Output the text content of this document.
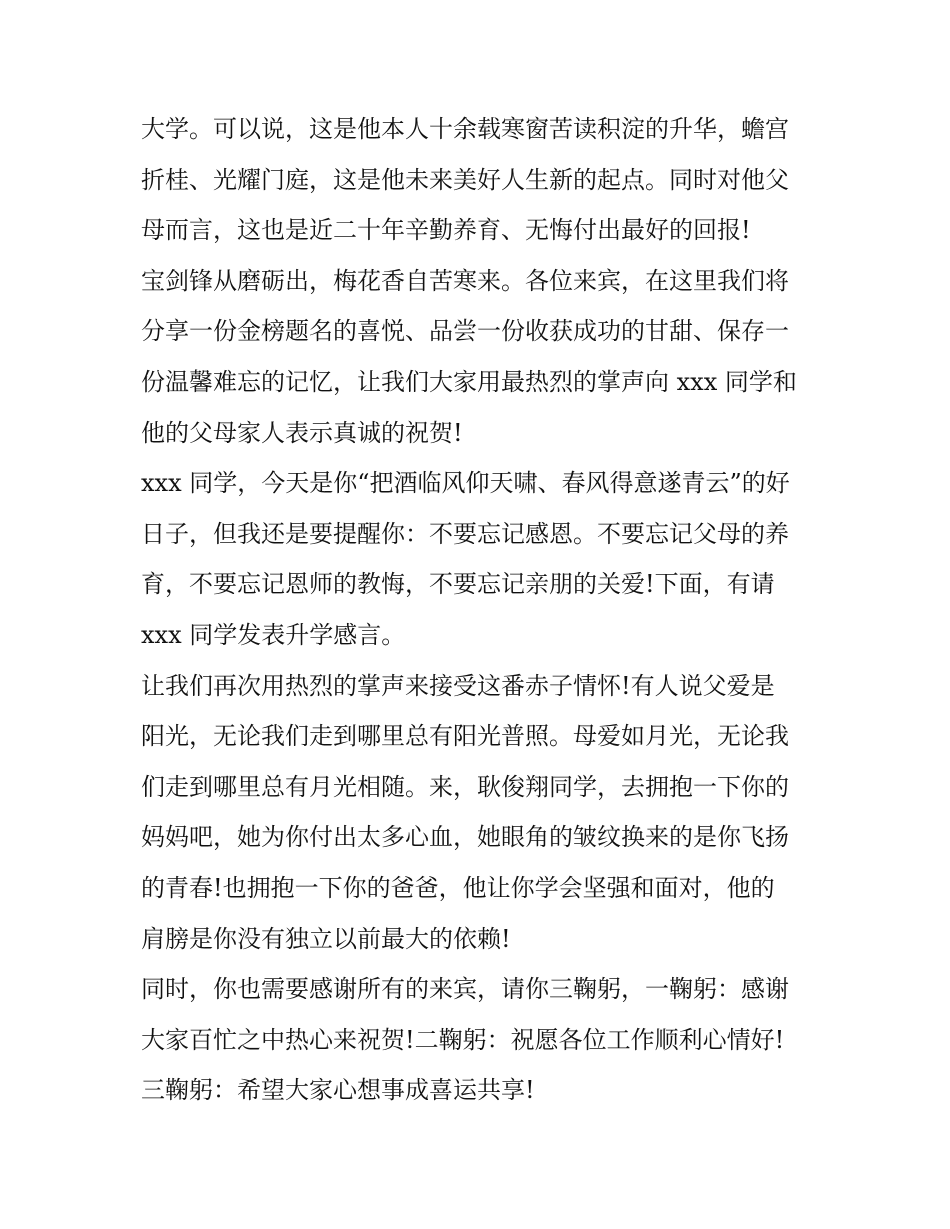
大学。可以说，这是他本人十余载寒窗苦读积淀的升华，蟾宫
折桂、光耀门庭，这是他未来美好人生新的起点。同时对他父
母而言，这也是近二十年辛勤养育、无悔付出最好的回报!
宝剑锋从磨砺出，梅花香自苦寒来。各位来宾，在这里我们将
分享一份金榜题名的喜悦、品尝一份收获成功的甘甜、保存一
份温馨难忘的记忆，让我们大家用最热烈的掌声向 xxx 同学和
他的父母家人表示真诚的祝贺!
xxx 同学，今天是你“把酒临风仰天啸、春风得意遂青云”的好
日子，但我还是要提醒你：不要忘记感恩。不要忘记父母的养
育，不要忘记恩师的教悔，不要忘记亲朋的关爱!下面，有请
xxx 同学发表升学感言。
让我们再次用热烈的掌声来接受这番赤子情怀!有人说父爱是
阳光，无论我们走到哪里总有阳光普照。母爱如月光，无论我
们走到哪里总有月光相随。来，耿俊翔同学，去拥抱一下你的
妈妈吧，她为你付出太多心血，她眼角的皱纹换来的是你飞扬
的青春!也拥抱一下你的爸爸，他让你学会坚强和面对，他的
肩膀是你没有独立以前最大的依赖!
同时，你也需要感谢所有的来宾，请你三鞠躬，一鞠躬：感谢
大家百忙之中热心来祝贺!二鞠躬：祝愿各位工作顺利心情好!
三鞠躬：希望大家心想事成喜运共享!
